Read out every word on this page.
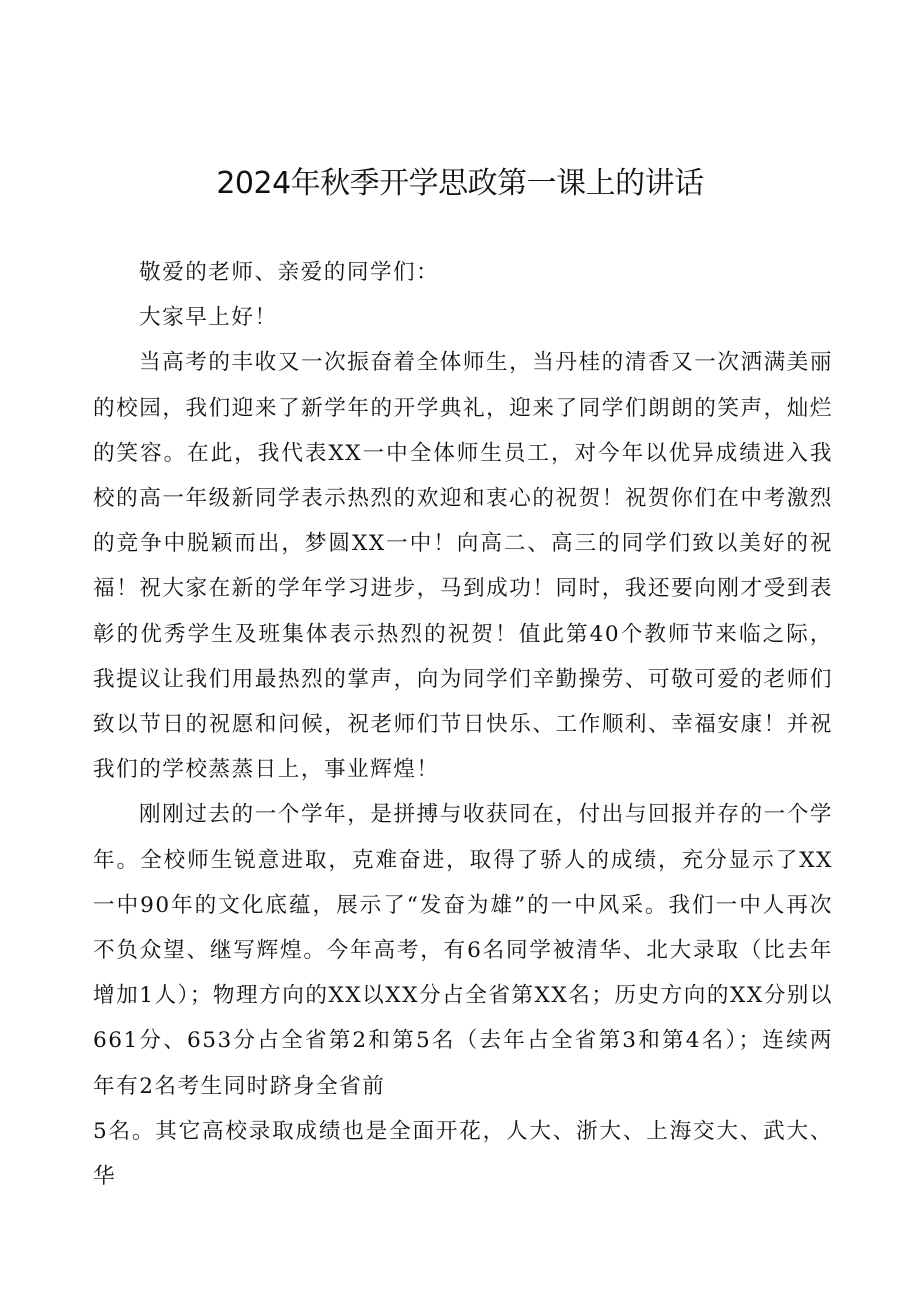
2024年秋季开学思政第一课上的讲话

敬爱的老师、亲爱的同学们：

大家早上好！

当高考的丰收又一次振奋着全体师生，当丹桂的清香又一次洒满美丽的校园，我们迎来了新学年的开学典礼，迎来了同学们朗朗的笑声，灿烂的笑容。在此，我代表XX一中全体师生员工，对今年以优异成绩进入我校的高一年级新同学表示热烈的欢迎和衷心的祝贺！祝贺你们在中考激烈的竞争中脱颖而出，梦圆XX一中！向高二、高三的同学们致以美好的祝福！祝大家在新的学年学习进步，马到成功！同时，我还要向刚才受到表彰的优秀学生及班集体表示热烈的祝贺！值此第40个教师节来临之际，我提议让我们用最热烈的掌声，向为同学们辛勤操劳、可敬可爱的老师们致以节日的祝愿和问候，祝老师们节日快乐、工作顺利、幸福安康！并祝我们的学校蒸蒸日上，事业辉煌！

刚刚过去的一个学年，是拼搏与收获同在，付出与回报并存的一个学年。全校师生锐意进取，克难奋进，取得了骄人的成绩，充分显示了XX一中90年的文化底蕴，展示了“发奋为雄”的一中风采。我们一中人再次不负众望、继写辉煌。今年高考，有6名同学被清华、北大录取（比去年增加1人）；物理方向的XX以XX分占全省第XX名；历史方向的XX分别以661分、653分占全省第2和第5名（去年占全省第3和第4名）；连续两年有2名考生同时跻身全省前

5名。其它高校录取成绩也是全面开花，人大、浙大、上海交大、武大、华
